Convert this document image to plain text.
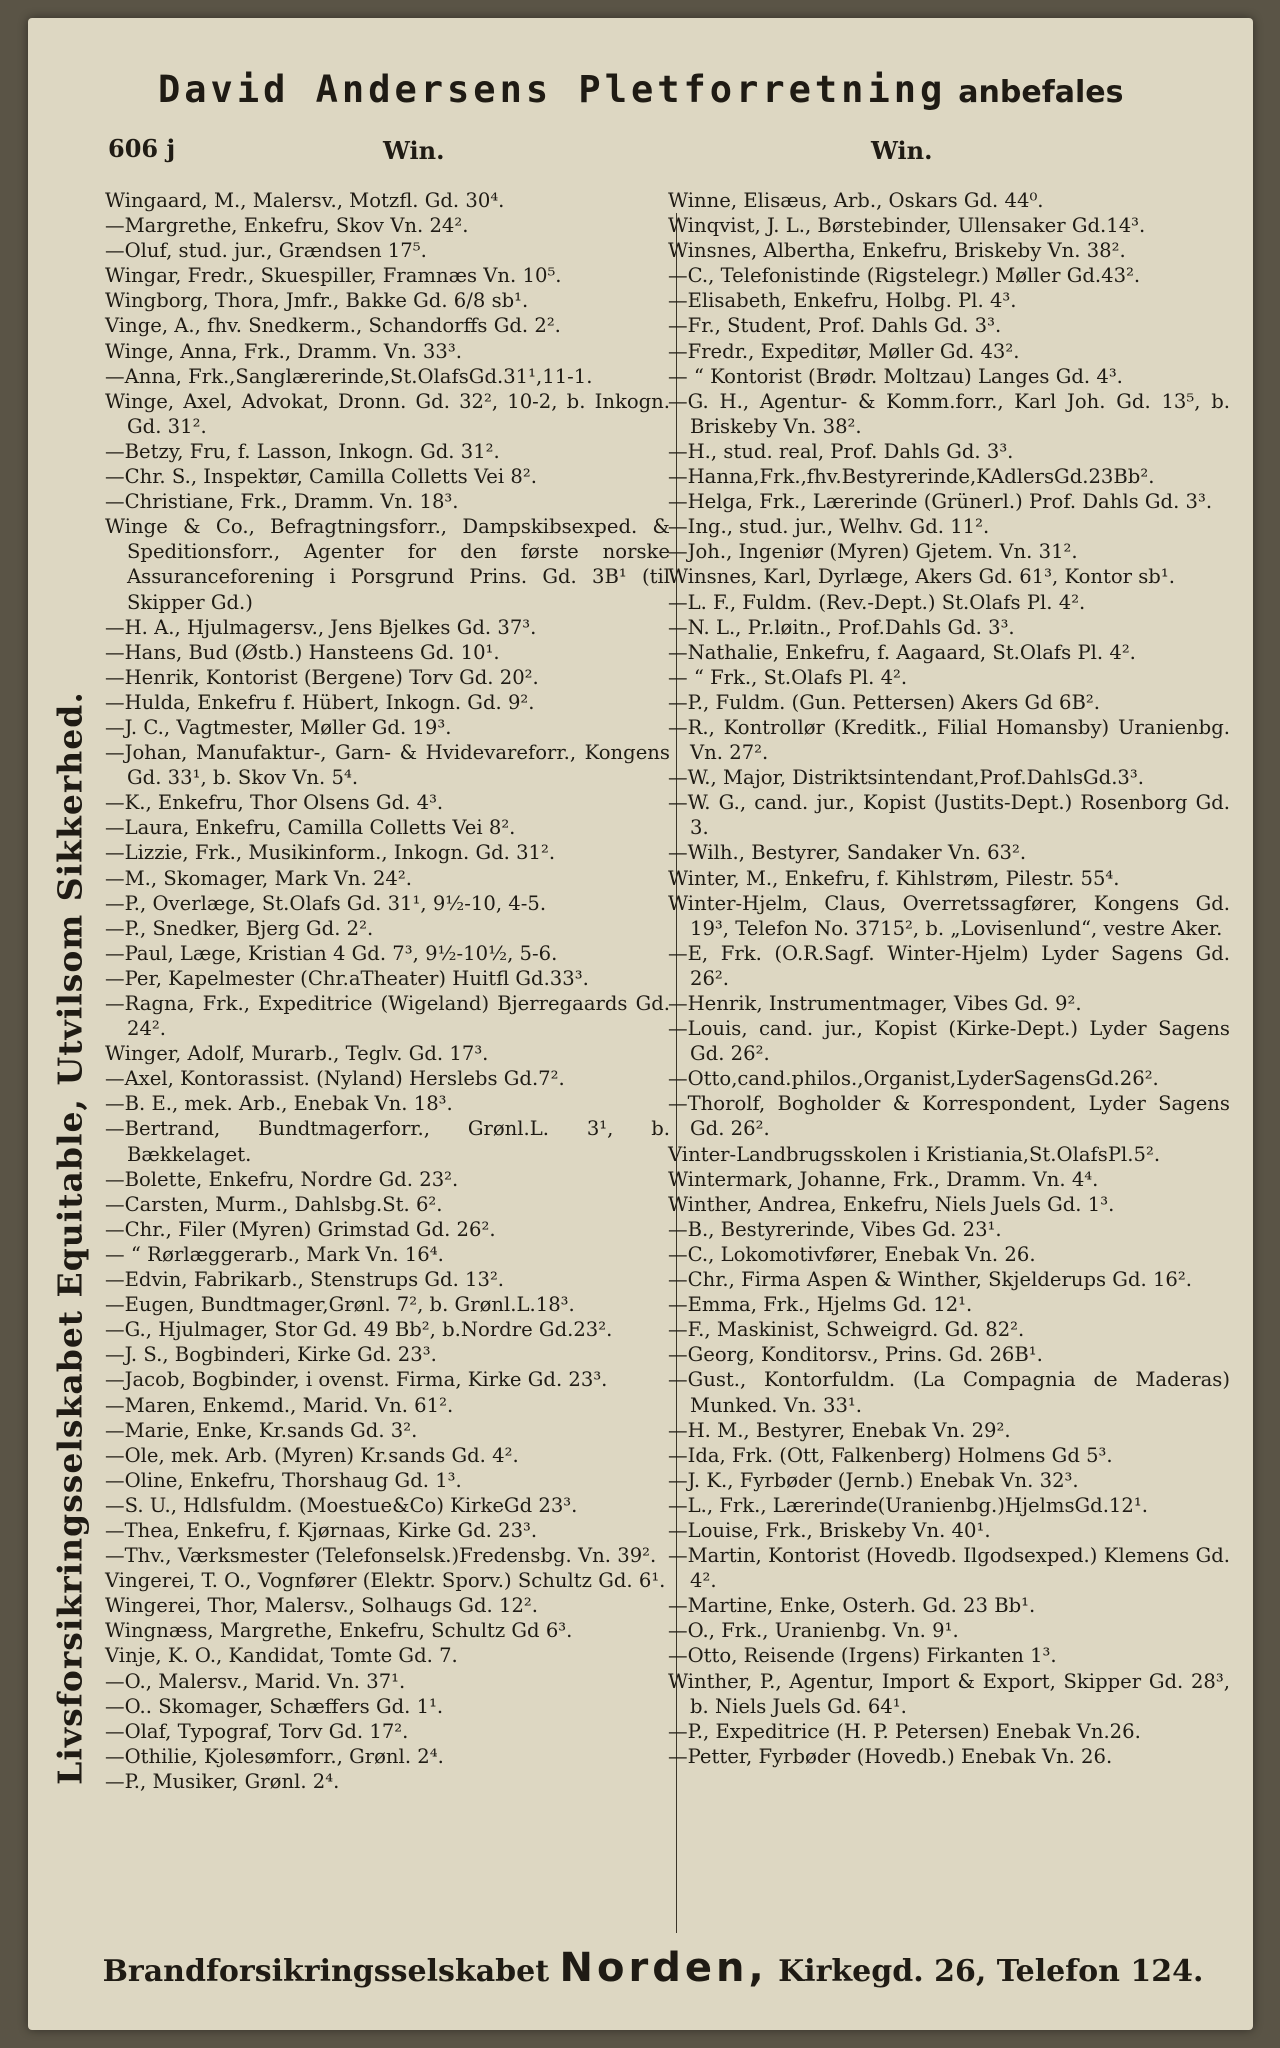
David Andersens Pletforretning anbefales
606 j	Win.	Win.
Livsforsikringsselskabet Equitable, Utvilsom Sikkerhed.
Wingaard, M., Malersv., Motzfl. Gd. 30⁴.
—Margrethe, Enkefru, Skov Vn. 24².
—Oluf, stud. jur., Grændsen 17⁵.
Wingar, Fredr., Skuespiller, Framnæs Vn. 10⁵.
Wingborg, Thora, Jmfr., Bakke Gd. 6/8 sb¹.
Vinge, A., fhv. Snedkerm., Schandorffs Gd. 2².
Winge, Anna, Frk., Dramm. Vn. 33³.
—Anna, Frk.,Sanglærerinde,St.OlafsGd.31¹,11-1.
Winge, Axel, Advokat, Dronn. Gd. 32², 10-2, b. Inkogn. Gd. 31².
—Betzy, Fru, f. Lasson, Inkogn. Gd. 31².
—Chr. S., Inspektør, Camilla Colletts Vei 8².
—Christiane, Frk., Dramm. Vn. 18³.
Winge & Co., Befragtningsforr., Dampskibsexped. & Speditionsforr., Agenter for den første norske Assuranceforening i Porsgrund Prins. Gd. 3B¹ (til Skipper Gd.)
—H. A., Hjulmagersv., Jens Bjelkes Gd. 37³.
—Hans, Bud (Østb.) Hansteens Gd. 10¹.
—Henrik, Kontorist (Bergene) Torv Gd. 20².
—Hulda, Enkefru f. Hübert, Inkogn. Gd. 9².
—J. C., Vagtmester, Møller Gd. 19³.
—Johan, Manufaktur-, Garn- & Hvidevareforr., Kongens Gd. 33¹, b. Skov Vn. 5⁴.
—K., Enkefru, Thor Olsens Gd. 4³.
—Laura, Enkefru, Camilla Colletts Vei 8².
—Lizzie, Frk., Musikinform., Inkogn. Gd. 31².
—M., Skomager, Mark Vn. 24².
—P., Overlæge, St.Olafs Gd. 31¹, 9½-10, 4-5.
—P., Snedker, Bjerg Gd. 2².
—Paul, Læge, Kristian 4 Gd. 7³, 9½-10½, 5-6.
—Per, Kapelmester (Chr.aTheater) Huitfl Gd.33³.
—Ragna, Frk., Expeditrice (Wigeland) Bjerregaards Gd. 24².
Winger, Adolf, Murarb., Teglv. Gd. 17³.
—Axel, Kontorassist. (Nyland) Herslebs Gd.7².
—B. E., mek. Arb., Enebak Vn. 18³.
—Bertrand, Bundtmagerforr., Grønl.L. 3¹, b. Bækkelaget.
—Bolette, Enkefru, Nordre Gd. 23².
—Carsten, Murm., Dahlsbg.St. 6².
—Chr., Filer (Myren) Grimstad Gd. 26².
— “ Rørlæggerarb., Mark Vn. 16⁴.
—Edvin, Fabrikarb., Stenstrups Gd. 13².
—Eugen, Bundtmager,Grønl. 7², b. Grønl.L.18³.
—G., Hjulmager, Stor Gd. 49 Bb², b.Nordre Gd.23².
—J. S., Bogbinderi, Kirke Gd. 23³.
—Jacob, Bogbinder, i ovenst. Firma, Kirke Gd. 23³.
—Maren, Enkemd., Marid. Vn. 61².
—Marie, Enke, Kr.sands Gd. 3².
—Ole, mek. Arb. (Myren) Kr.sands Gd. 4².
—Oline, Enkefru, Thorshaug Gd. 1³.
—S. U., Hdlsfuldm. (Moestue&Co) KirkeGd 23³.
—Thea, Enkefru, f. Kjørnaas, Kirke Gd. 23³.
—Thv., Værksmester (Telefonselsk.)Fredensbg. Vn. 39².
Vingerei, T. O., Vognfører (Elektr. Sporv.) Schultz Gd. 6¹.
Wingerei, Thor, Malersv., Solhaugs Gd. 12².
Wingnæss, Margrethe, Enkefru, Schultz Gd 6³.
Vinje, K. O., Kandidat, Tomte Gd. 7.
—O., Malersv., Marid. Vn. 37¹.
—O.. Skomager, Schæffers Gd. 1¹.
—Olaf, Typograf, Torv Gd. 17².
—Othilie, Kjolesømforr., Grønl. 2⁴.
—P., Musiker, Grønl. 2⁴.
Winne, Elisæus, Arb., Oskars Gd. 44⁰.
Winqvist, J. L., Børstebinder, Ullensaker Gd.14³.
Winsnes, Albertha, Enkefru, Briskeby Vn. 38².
—C., Telefonistinde (Rigstelegr.) Møller Gd.43².
—Elisabeth, Enkefru, Holbg. Pl. 4³.
—Fr., Student, Prof. Dahls Gd. 3³.
—Fredr., Expeditør, Møller Gd. 43².
— “ Kontorist (Brødr. Moltzau) Langes Gd. 4³.
—G. H., Agentur- & Komm.forr., Karl Joh. Gd. 13⁵, b. Briskeby Vn. 38².
—H., stud. real, Prof. Dahls Gd. 3³.
—Hanna,Frk.,fhv.Bestyrerinde,KAdlersGd.23Bb².
—Helga, Frk., Lærerinde (Grünerl.) Prof. Dahls Gd. 3³.
—Ing., stud. jur., Welhv. Gd. 11².
—Joh., Ingeniør (Myren) Gjetem. Vn. 31².
Winsnes, Karl, Dyrlæge, Akers Gd. 61³, Kontor sb¹.
—L. F., Fuldm. (Rev.-Dept.) St.Olafs Pl. 4².
—N. L., Pr.løitn., Prof.Dahls Gd. 3³.
—Nathalie, Enkefru, f. Aagaard, St.Olafs Pl. 4².
— “ Frk., St.Olafs Pl. 4².
—P., Fuldm. (Gun. Pettersen) Akers Gd 6B².
—R., Kontrollør (Kreditk., Filial Homansby) Uranienbg. Vn. 27².
—W., Major, Distriktsintendant,Prof.DahlsGd.3³.
—W. G., cand. jur., Kopist (Justits-Dept.) Rosenborg Gd. 3.
—Wilh., Bestyrer, Sandaker Vn. 63².
Winter, M., Enkefru, f. Kihlstrøm, Pilestr. 55⁴.
Winter-Hjelm, Claus, Overretssagfører, Kongens Gd. 19³, Telefon No. 3715², b. „Lovisenlund“, vestre Aker.
—E, Frk. (O.R.Sagf. Winter-Hjelm) Lyder Sagens Gd. 26².
—Henrik, Instrumentmager, Vibes Gd. 9².
—Louis, cand. jur., Kopist (Kirke-Dept.) Lyder Sagens Gd. 26².
—Otto,cand.philos.,Organist,LyderSagensGd.26².
—Thorolf, Bogholder & Korrespondent, Lyder Sagens Gd. 26².
Vinter-Landbrugsskolen i Kristiania,St.OlafsPl.5².
Wintermark, Johanne, Frk., Dramm. Vn. 4⁴.
Winther, Andrea, Enkefru, Niels Juels Gd. 1³.
—B., Bestyrerinde, Vibes Gd. 23¹.
—C., Lokomotivfører, Enebak Vn. 26.
—Chr., Firma Aspen & Winther, Skjelderups Gd. 16².
—Emma, Frk., Hjelms Gd. 12¹.
—F., Maskinist, Schweigrd. Gd. 82².
—Georg, Konditorsv., Prins. Gd. 26B¹.
—Gust., Kontorfuldm. (La Compagnia de Maderas) Munked. Vn. 33¹.
—H. M., Bestyrer, Enebak Vn. 29².
—Ida, Frk. (Ott, Falkenberg) Holmens Gd 5³.
—J. K., Fyrbøder (Jernb.) Enebak Vn. 32³.
—L., Frk., Lærerinde(Uranienbg.)HjelmsGd.12¹.
—Louise, Frk., Briskeby Vn. 40¹.
—Martin, Kontorist (Hovedb. Ilgodsexped.) Klemens Gd. 4².
—Martine, Enke, Osterh. Gd. 23 Bb¹.
—O., Frk., Uranienbg. Vn. 9¹.
—Otto, Reisende (Irgens) Firkanten 1³.
Winther, P., Agentur, Import & Export, Skipper Gd. 28³, b. Niels Juels Gd. 64¹.
—P., Expeditrice (H. P. Petersen) Enebak Vn.26.
—Petter, Fyrbøder (Hovedb.) Enebak Vn. 26.
Brandforsikringsselskabet Norden, Kirkegd. 26, Telefon 124.
